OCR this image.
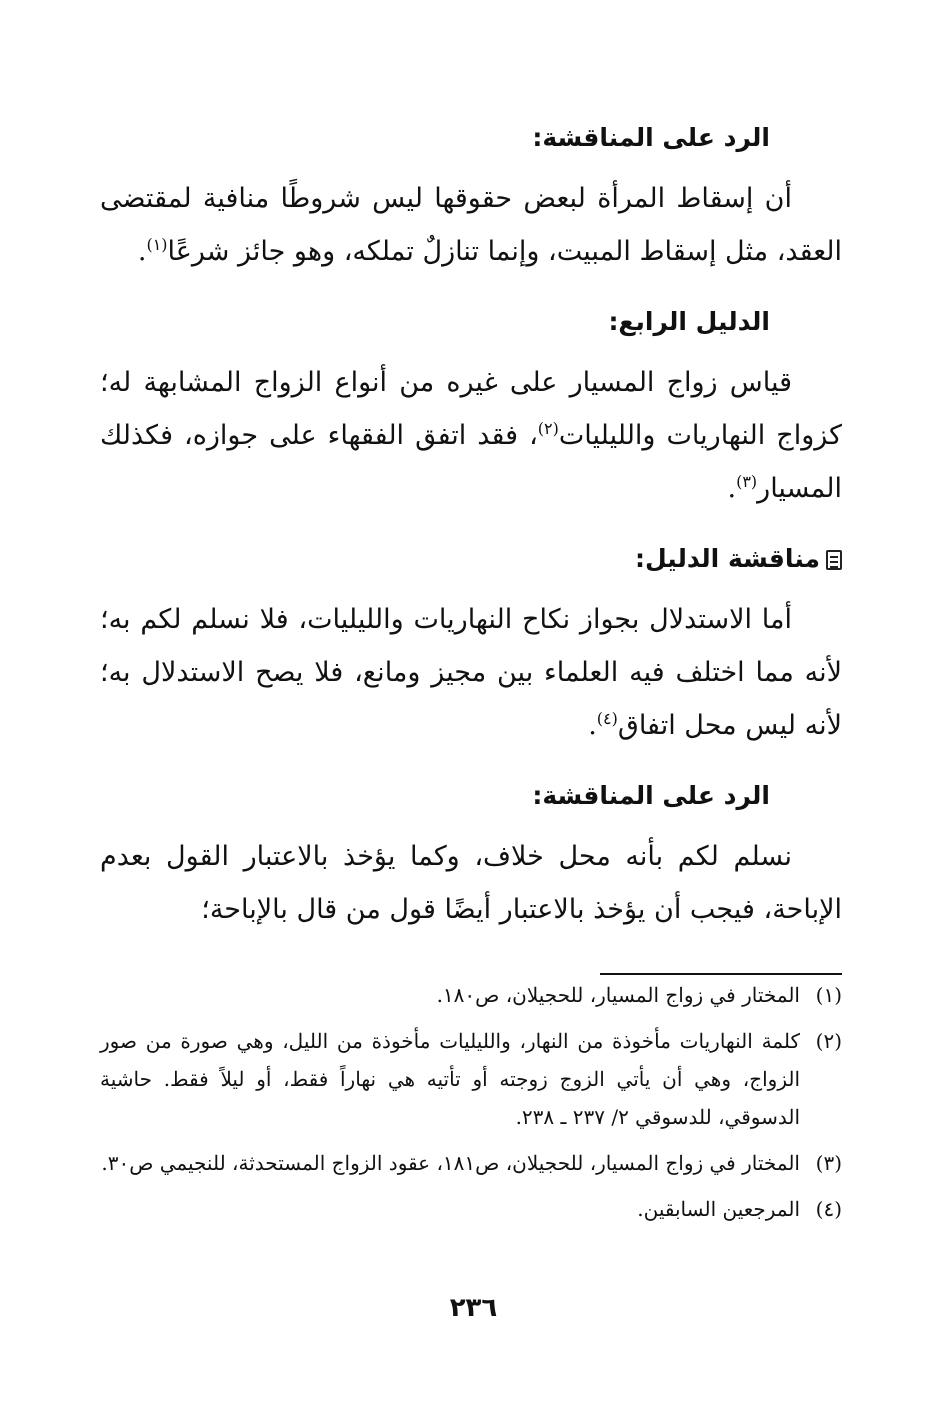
الرد على المناقشة:

أن إسقاط المرأة لبعض حقوقها ليس شروطًا منافية لمقتضى العقد، مثل إسقاط المبيت، وإنما تنازلٌ تملكه، وهو جائز شرعًا$^{(١)}$.

الدليل الرابع:

قياس زواج المسيار على غيره من أنواع الزواج المشابهة له؛ كزواج النهاريات والليليات$^{(٢)}$، فقد اتفق الفقهاء على جوازه، فكذلك المسيار$^{(٣)}$.

مناقشة الدليل:

أما الاستدلال بجواز نكاح النهاريات والليليات، فلا نسلم لكم به؛ لأنه مما اختلف فيه العلماء بين مجيز ومانع، فلا يصح الاستدلال به؛ لأنه ليس محل اتفاق$^{(٤)}$.

الرد على المناقشة:

نسلم لكم بأنه محل خلاف، وكما يؤخذ بالاعتبار القول بعدم الإباحة، فيجب أن يؤخذ بالاعتبار أيضًا قول من قال بالإباحة؛

(١)
المختار في زواج المسيار، للحجيلان، ص١٨٠.
(٢)
كلمة النهاريات مأخوذة من النهار، والليليات مأخوذة من الليل، وهي صورة من صور الزواج، وهي أن يأتي الزوج زوجته أو تأتيه هي نهاراً فقط، أو ليلاً فقط. حاشية الدسوقي، للدسوقي ٢/ ٢٣٧ ـ ٢٣٨.
(٣)
المختار في زواج المسيار، للحجيلان، ص١٨١، عقود الزواج المستحدثة، للنجيمي ص٣٠.
(٤)
المرجعين السابقين.
٢٣٦
